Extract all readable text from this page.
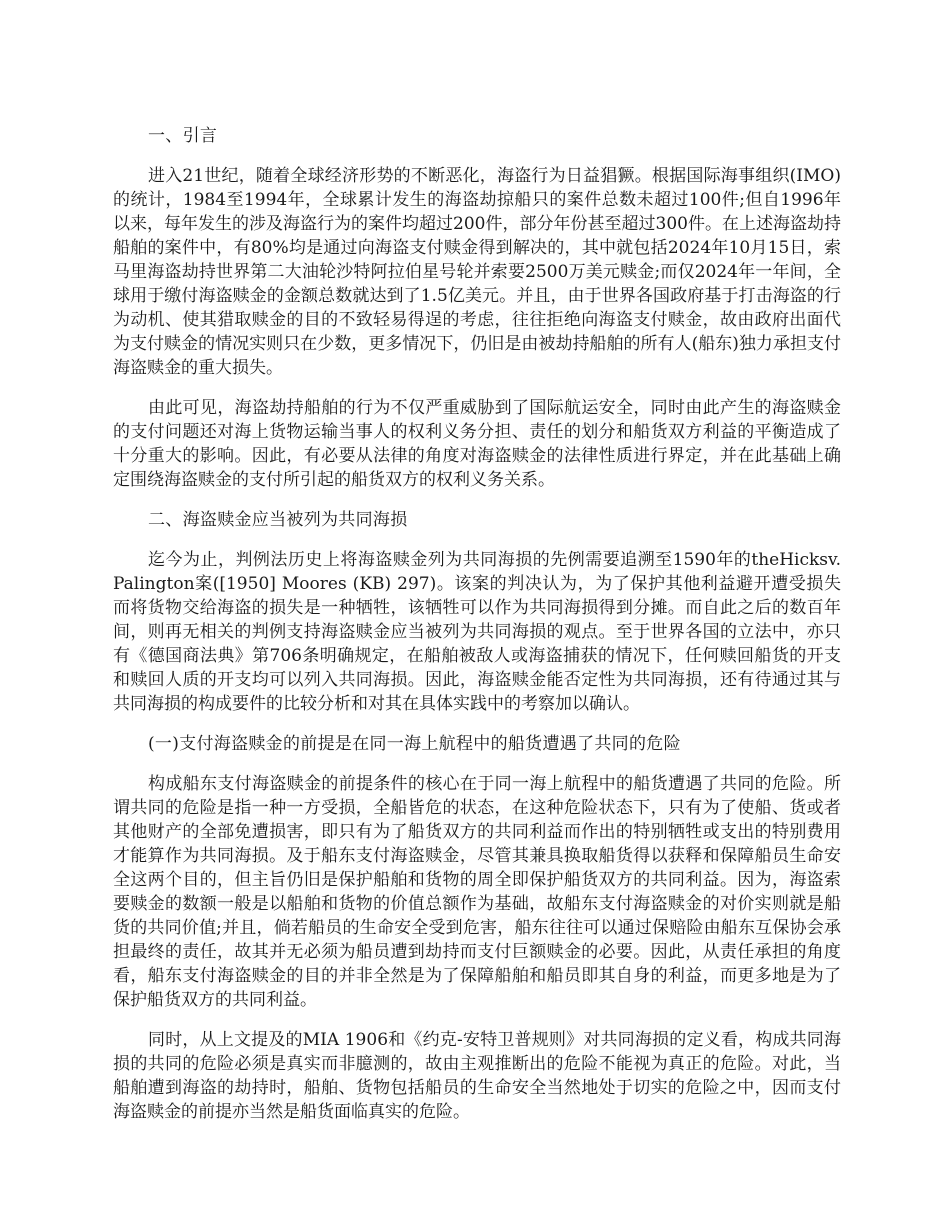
一、引言

进入21世纪，随着全球经济形势的不断恶化，海盗行为日益猖獗。根据国际海事组织(IMO)的统计，1984至1994年，全球累计发生的海盗劫掠船只的案件总数未超过100件;但自1996年以来，每年发生的涉及海盗行为的案件均超过200件，部分年份甚至超过300件。在上述海盗劫持船舶的案件中，有80%均是通过向海盗支付赎金得到解决的，其中就包括2024年10月15日，索马里海盗劫持世界第二大油轮沙特阿拉伯星号轮并索要2500万美元赎金;而仅2024年一年间，全球用于缴付海盗赎金的金额总数就达到了1.5亿美元。并且，由于世界各国政府基于打击海盗的行为动机、使其猎取赎金的目的不致轻易得逞的考虑，往往拒绝向海盗支付赎金，故由政府出面代为支付赎金的情况实则只在少数，更多情况下，仍旧是由被劫持船舶的所有人(船东)独力承担支付海盗赎金的重大损失。

由此可见，海盗劫持船舶的行为不仅严重威胁到了国际航运安全，同时由此产生的海盗赎金的支付问题还对海上货物运输当事人的权利义务分担、责任的划分和船货双方利益的平衡造成了十分重大的影响。因此，有必要从法律的角度对海盗赎金的法律性质进行界定，并在此基础上确定围绕海盗赎金的支付所引起的船货双方的权利义务关系。

二、海盗赎金应当被列为共同海损

迄今为止，判例法历史上将海盗赎金列为共同海损的先例需要追溯至1590年的theHicksv. Palington案([1950] Moores (KB) 297)。该案的判决认为，为了保护其他利益避开遭受损失而将货物交给海盗的损失是一种牺牲，该牺牲可以作为共同海损得到分摊。而自此之后的数百年间，则再无相关的判例支持海盗赎金应当被列为共同海损的观点。至于世界各国的立法中，亦只有《德国商法典》第706条明确规定，在船舶被敌人或海盗捕获的情况下，任何赎回船货的开支和赎回人质的开支均可以列入共同海损。因此，海盗赎金能否定性为共同海损，还有待通过其与共同海损的构成要件的比较分析和对其在具体实践中的考察加以确认。

(一)支付海盗赎金的前提是在同一海上航程中的船货遭遇了共同的危险

构成船东支付海盗赎金的前提条件的核心在于同一海上航程中的船货遭遇了共同的危险。所谓共同的危险是指一种一方受损，全船皆危的状态，在这种危险状态下，只有为了使船、货或者其他财产的全部免遭损害，即只有为了船货双方的共同利益而作出的特别牺牲或支出的特别费用才能算作为共同海损。及于船东支付海盗赎金，尽管其兼具换取船货得以获释和保障船员生命安全这两个目的，但主旨仍旧是保护船舶和货物的周全即保护船货双方的共同利益。因为，海盗索要赎金的数额一般是以船舶和货物的价值总额作为基础，故船东支付海盗赎金的对价实则就是船货的共同价值;并且，倘若船员的生命安全受到危害，船东往往可以通过保赔险由船东互保协会承担最终的责任，故其并无必须为船员遭到劫持而支付巨额赎金的必要。因此，从责任承担的角度看，船东支付海盗赎金的目的并非全然是为了保障船舶和船员即其自身的利益，而更多地是为了保护船货双方的共同利益。

同时，从上文提及的MIA 1906和《约克-安特卫普规则》对共同海损的定义看，构成共同海损的共同的危险必须是真实而非臆测的，故由主观推断出的危险不能视为真正的危险。对此，当船舶遭到海盗的劫持时，船舶、货物包括船员的生命安全当然地处于切实的危险之中，因而支付海盗赎金的前提亦当然是船货面临真实的危险。
